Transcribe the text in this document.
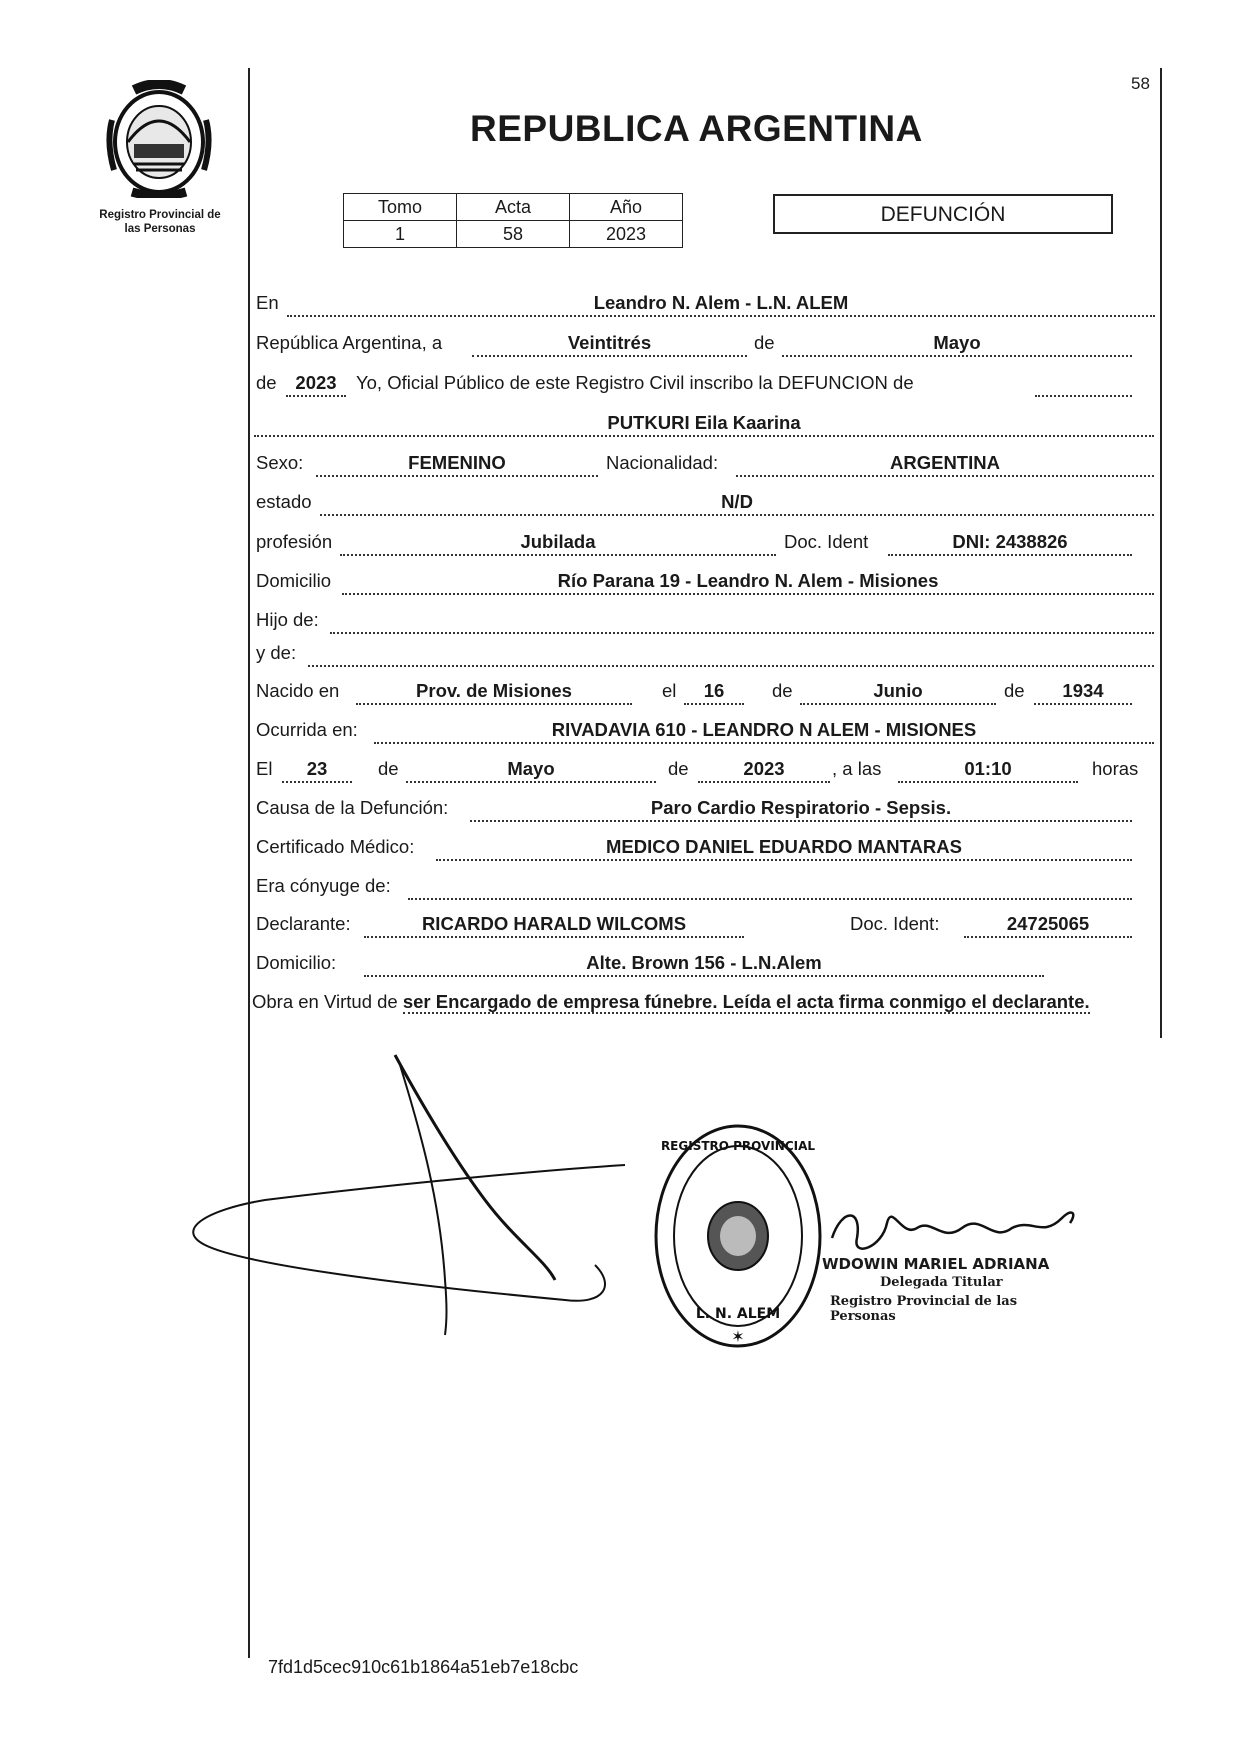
58
Registro Provincial de
las Personas
REPUBLICA ARGENTINA
Tomo	Acta	Año
1	58	2023
DEFUNCIÓN
En	Leandro N. Alem - L.N. ALEM
República Argentina, a	Veintitrés	de	Mayo
de	2023	Yo, Oficial Público de este Registro Civil inscribo la DEFUNCION de
PUTKURI Eila Kaarina
Sexo:	FEMENINO	Nacionalidad:	ARGENTINA
estado	N/D
profesión	Jubilada	Doc. Ident	DNI: 2438826
Domicilio	Río Parana 19 - Leandro N. Alem - Misiones
Hijo de:
y de:
Nacido en	Prov. de Misiones	el	16	de	Junio	de	1934
Ocurrida en:	RIVADAVIA 610 - LEANDRO N ALEM - MISIONES
El	23	de	Mayo	de	2023	, a las	01:10	horas
Causa de la Defunción:	Paro Cardio Respiratorio - Sepsis.
Certificado Médico:	MEDICO DANIEL EDUARDO MANTARAS
Era cónyuge de:
Declarante:	RICARDO HARALD WILCOMS	Doc. Ident:	24725065
Domicilio:	Alte. Brown 156 - L.N.Alem
Obra en Virtud de ser Encargado de empresa fúnebre. Leída el acta firma conmigo el declarante.
REGISTRO PROVINCIAL
L. N. ALEM
✶
WDOWIN MARIEL ADRIANA
Delegada Titular
Registro Provincial de las Personas
7fd1d5cec910c61b1864a51eb7e18cbc
